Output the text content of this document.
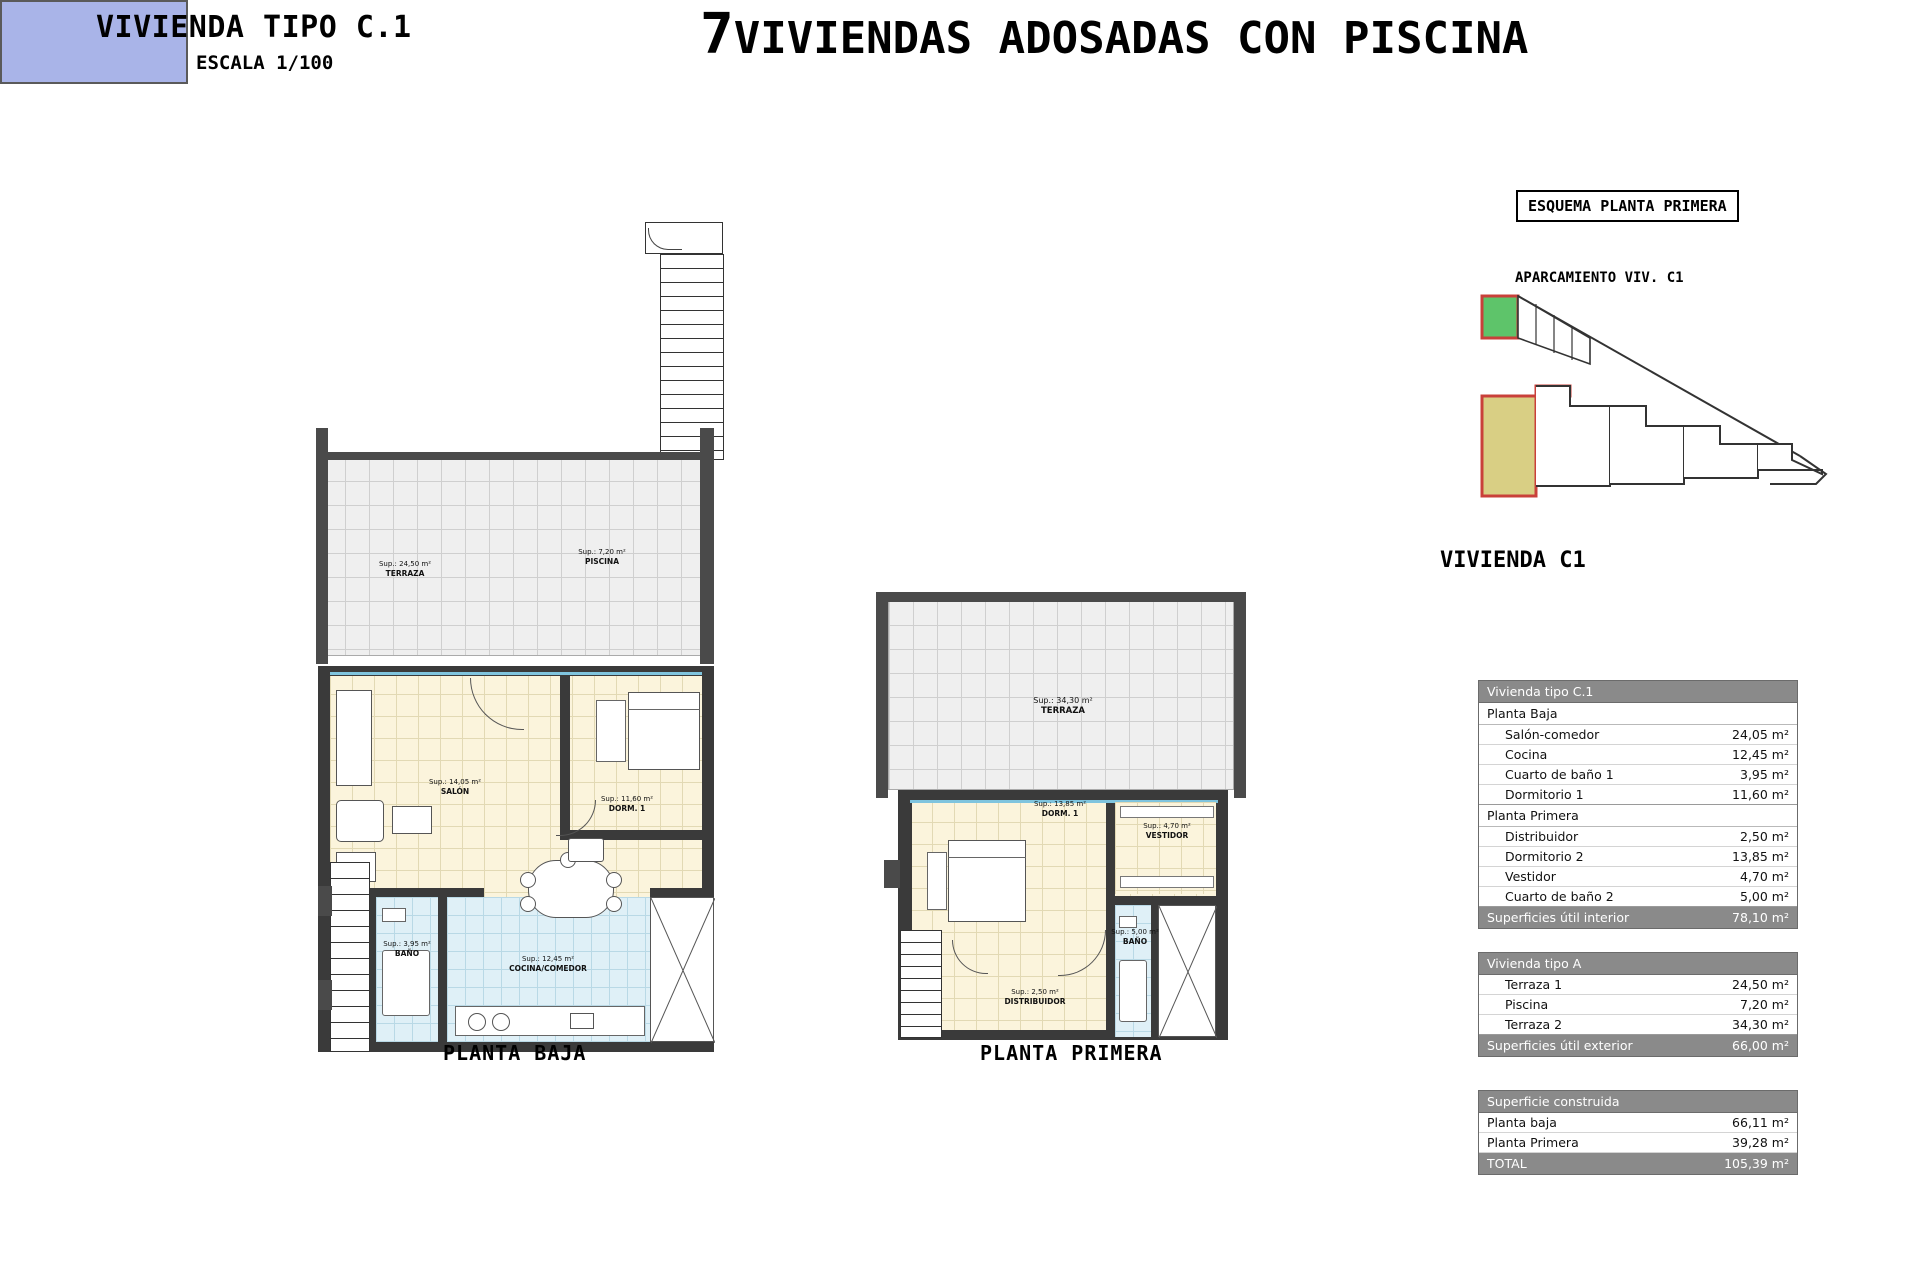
VIVIENDA TIPO C.1
ESCALA 1/100	7VIVIENDAS ADOSADAS CON PISCINA
Sup.: 24,50 m²
TERRAZA
Sup.: 7,20 m²
PISCINA
Sup.: 14,05 m²
SALÓN
Sup.: 11,60 m²
DORM. 1
Sup.: 3,95 m²
BAÑO
Sup.: 12,45 m²
COCINA/COMEDOR
PLANTA BAJA
Sup.: 34,30 m²
TERRAZA
Sup.: 13,85 m²
DORM. 1
Sup.: 4,70 m²
VESTIDOR
Sup.: 5,00 m²
BAÑO
Sup.: 2,50 m²
DISTRIBUIDOR
PLANTA PRIMERA
ESQUEMA PLANTA PRIMERA
APARCAMIENTO VIV. C1
VIVIENDA C1
Vivienda tipo C.1
Planta Baja
Salón-comedor	24,05 m²
Cocina	12,45 m²
Cuarto de baño 1	3,95 m²
Dormitorio 1	11,60 m²
Planta Primera
Distribuidor	2,50 m²
Dormitorio 2	13,85 m²
Vestidor	4,70 m²
Cuarto de baño 2	5,00 m²
Superficies útil interior	78,10 m²
Vivienda tipo A
Terraza 1	24,50 m²
Piscina	7,20 m²
Terraza 2	34,30 m²
Superficies útil exterior	66,00 m²
Superficie construida
Planta baja	66,11 m²
Planta Primera	39,28 m²
TOTAL	105,39 m²
